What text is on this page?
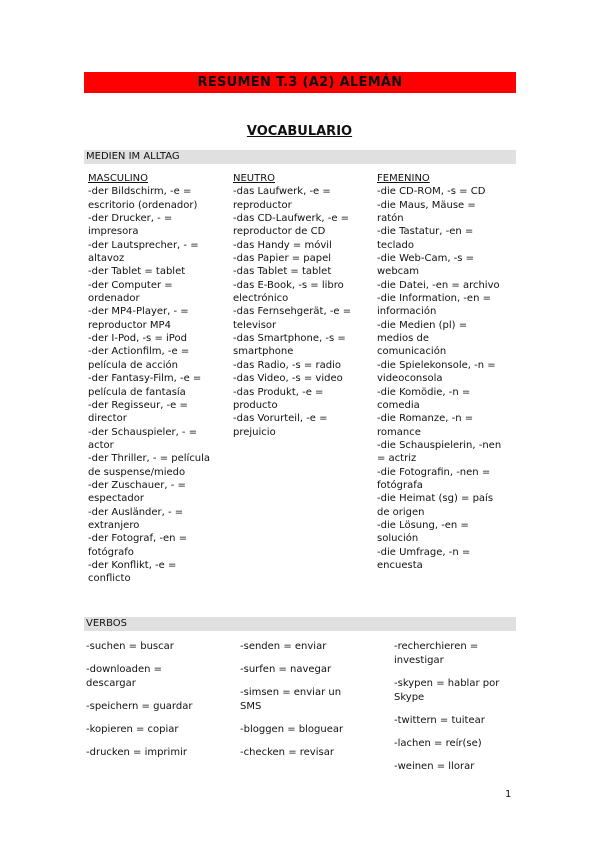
RESUMEN T.3 (A2) ALEMÁN
VOCABULARIO
MEDIEN IM ALLTAG
MASCULINO
-der Bildschirm, -e =
escritorio (ordenador)
-der Drucker, - =
impresora
-der Lautsprecher, - =
altavoz
-der Tablet = tablet
-der Computer =
ordenador
-der MP4-Player, - =
reproductor MP4
-der I-Pod, -s = iPod
-der Actionfilm, -e =
película de acción
-der Fantasy-Film, -e =
película de fantasía
-der Regisseur, -e =
director
-der Schauspieler, - =
actor
-der Thriller, - = película
de suspense/miedo
-der Zuschauer, - =
espectador
-der Ausländer, - =
extranjero
-der Fotograf, -en =
fotógrafo
-der Konflikt, -e =
conflicto
NEUTRO
-das Laufwerk, -e =
reproductor
-das CD-Laufwerk, -e =
reproductor de CD
-das Handy = móvil
-das Papier = papel
-das Tablet = tablet
-das E-Book, -s = libro
electrónico
-das Fernsehgerät, -e =
televisor
-das Smartphone, -s =
smartphone
-das Radio, -s = radio
-das Video, -s = video
-das Produkt, -e =
producto
-das Vorurteil, -e =
prejuicio
FEMENINO
-die CD-ROM, -s = CD
-die Maus, Mäuse =
ratón
-die Tastatur, -en =
teclado
-die Web-Cam, -s =
webcam
-die Datei, -en = archivo
-die Information, -en =
información
-die Medien (pl) =
medios de
comunicación
-die Spielekonsole, -n =
videoconsola
-die Komödie, -n =
comedia
-die Romanze, -n =
romance
-die Schauspielerin, -nen
= actriz
-die Fotografin, -nen =
fotógrafa
-die Heimat (sg) = país
de origen
-die Lösung, -en =
solución
-die Umfrage, -n =
encuesta
VERBOS
-suchen = buscar
-downloaden =
descargar
-speichern = guardar
-kopieren = copiar
-drucken = imprimir
-senden = enviar
-surfen = navegar
-simsen = enviar un
SMS
-bloggen = bloguear
-checken = revisar
-recherchieren =
investigar
-skypen = hablar por
Skype
-twittern = tuitear
-lachen = reír(se)
-weinen = llorar
1
